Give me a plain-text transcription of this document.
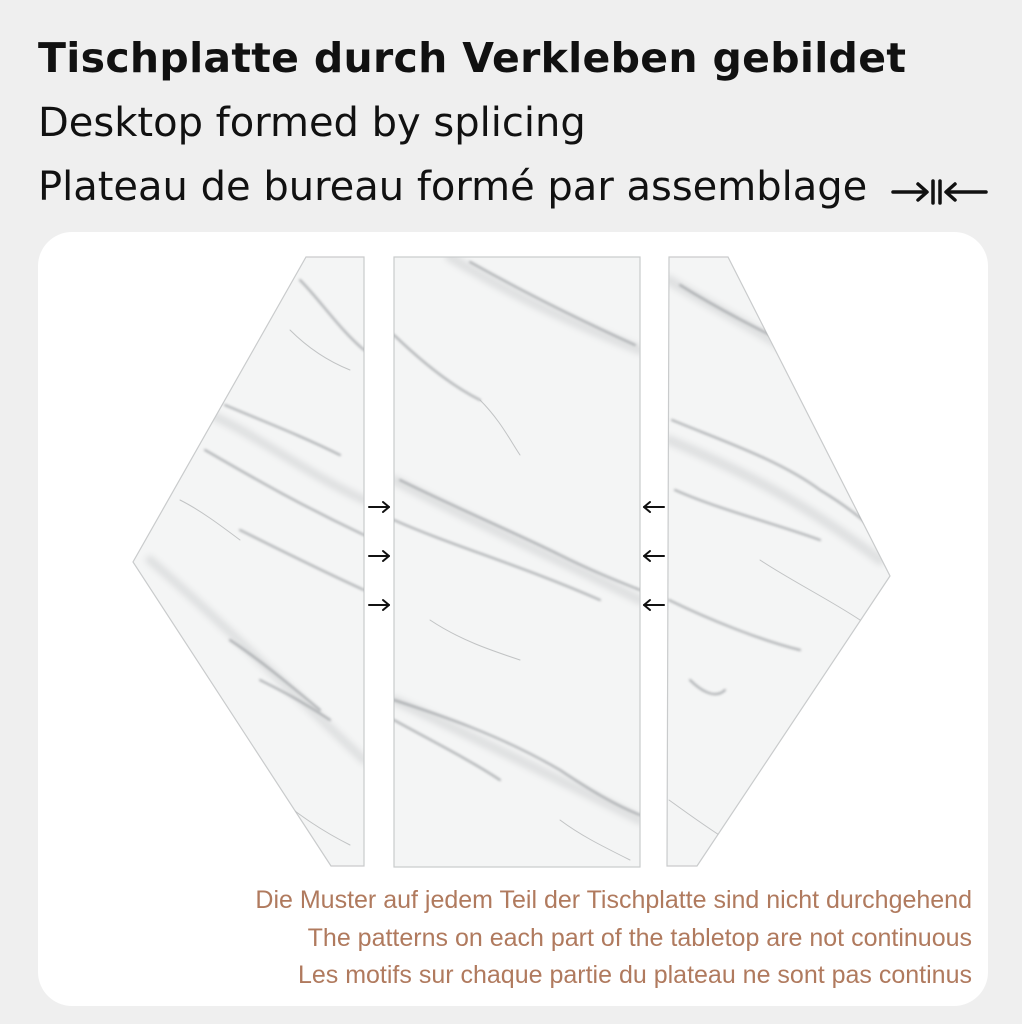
Tischplatte durch Verkleben gebildet
Desktop formed by splicing
Plateau de bureau formé par assemblage

Die Muster auf jedem Teil der Tischplatte sind nicht durchgehend

The patterns on each part of the tabletop are not continuous

Les motifs sur chaque partie du plateau ne sont pas continus
